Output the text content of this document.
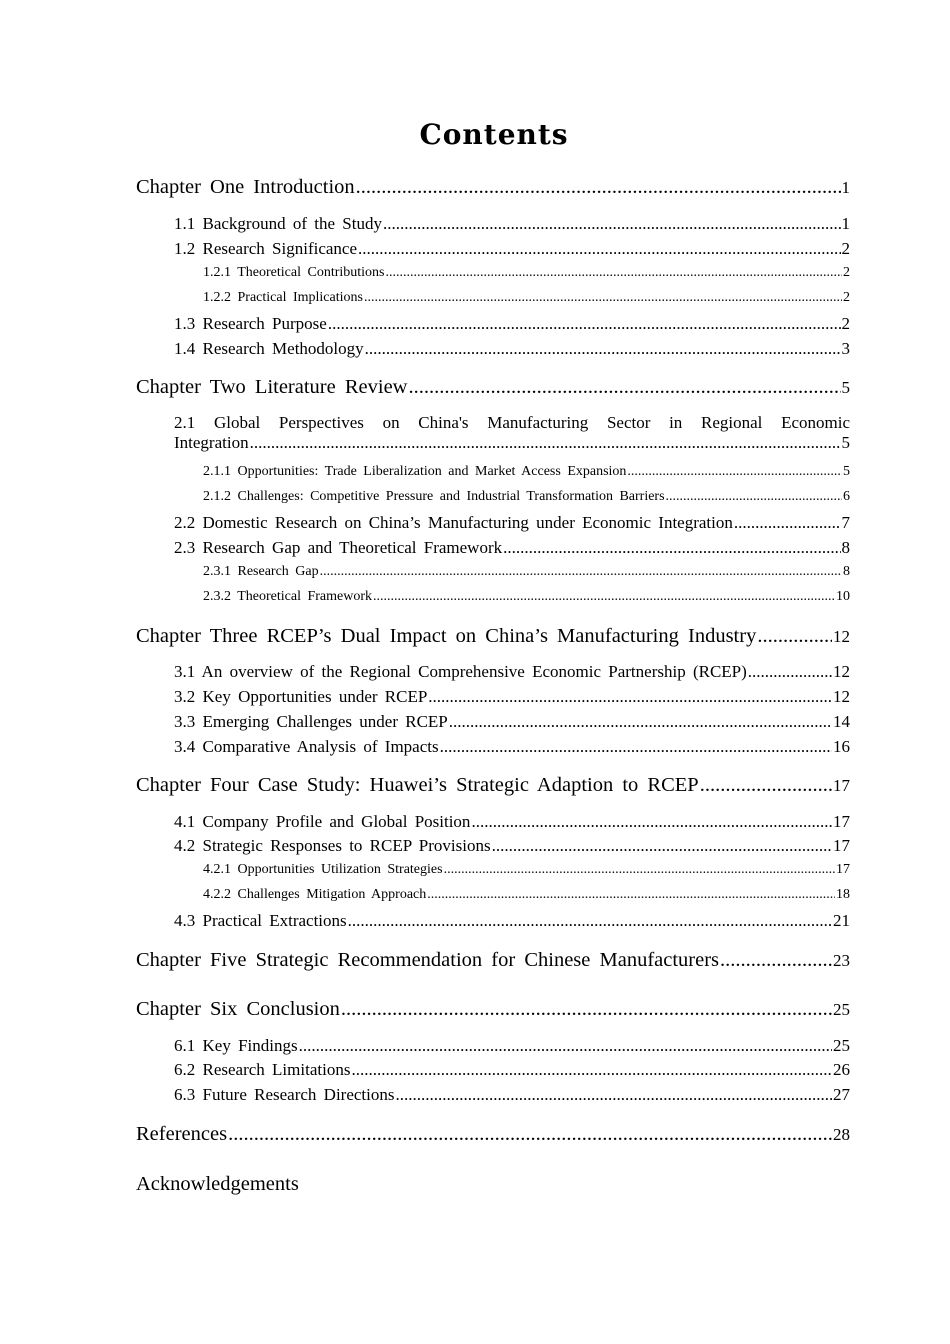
Contents
Chapter One Introduction .....	1
1.1 Background of the Study .....	1
1.2 Research Significance .....	2
1.2.1 Theoretical Contributions .....	2
1.2.2 Practical Implications .....	2
1.3 Research Purpose .....	2
1.4 Research Methodology .....	3
Chapter Two Literature Review .....	5
2.1 Global Perspectives on China's Manufacturing Sector in Regional Economic
Integration .....	5
2.1.1 Opportunities: Trade Liberalization and Market Access Expansion .....	5
2.1.2 Challenges: Competitive Pressure and Industrial Transformation Barriers .....	6
2.2 Domestic Research on China’s Manufacturing under Economic Integration .....	7
2.3 Research Gap and Theoretical Framework .....	8
2.3.1 Research Gap .....	8
2.3.2 Theoretical Framework .....	10
Chapter Three RCEP’s Dual Impact on China’s Manufacturing Industry .....	12
3.1 An overview of the Regional Comprehensive Economic Partnership (RCEP) .....	12
3.2 Key Opportunities under RCEP .....	12
3.3 Emerging Challenges under RCEP .....	14
3.4 Comparative Analysis of Impacts .....	16
Chapter Four Case Study: Huawei’s Strategic Adaption to RCEP .....	17
4.1 Company Profile and Global Position .....	17
4.2 Strategic Responses to RCEP Provisions .....	17
4.2.1 Opportunities Utilization Strategies .....	17
4.2.2 Challenges Mitigation Approach .....	18
4.3 Practical Extractions .....	21
Chapter Five Strategic Recommendation for Chinese Manufacturers .....	23
Chapter Six Conclusion .....	25
6.1 Key Findings .....	25
6.2 Research Limitations .....	26
6.3 Future Research Directions .....	27
References .....	28
Acknowledgements
